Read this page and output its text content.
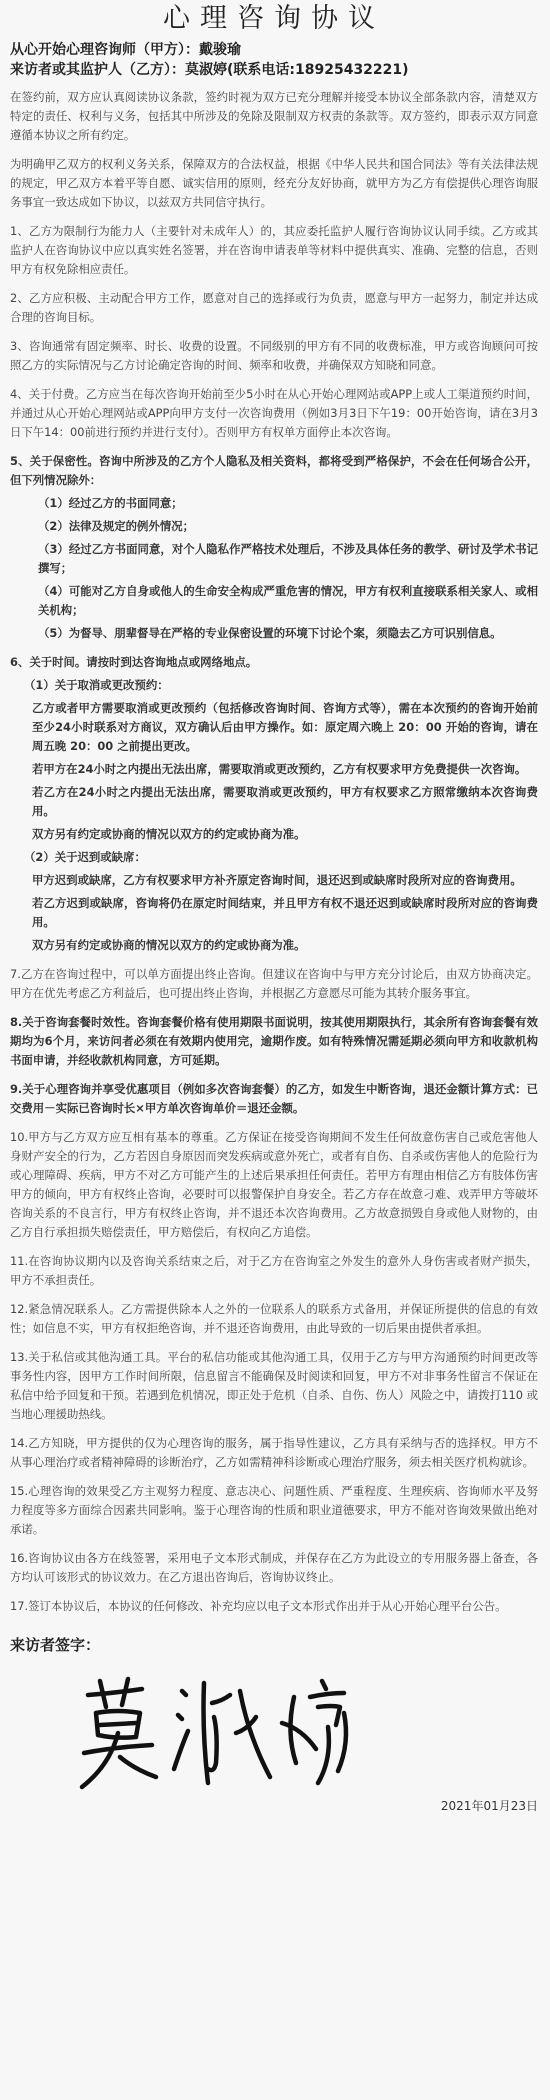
心理咨询协议
从心开始心理咨询师（甲方）：戴骏瑜
来访者或其监护人（乙方）：莫淑婷(联系电话:18925432221)

在签约前，双方应认真阅读协议条款，签约时视为双方已充分理解并接受本协议全部条款内容，清楚双方特定的责任、权利与义务，包括其中所涉及的免除及限制双方权责的条款等。双方签约，即表示双方同意遵循本协议之所有约定。

为明确甲乙双方的权利义务关系，保障双方的合法权益，根据《中华人民共和国合同法》等有关法律法规的规定，甲乙双方本着平等自愿、诚实信用的原则，经充分友好协商，就甲方为乙方有偿提供心理咨询服务事宜一致达成如下协议，以兹双方共同信守执行。

1、乙方为限制行为能力人（主要针对未成年人）的，其应委托监护人履行咨询协议认同手续。乙方或其监护人在咨询协议中应以真实姓名签署，并在咨询申请表单等材料中提供真实、准确、完整的信息，否则甲方有权免除相应责任。

2、乙方应积极、主动配合甲方工作，愿意对自己的选择或行为负责，愿意与甲方一起努力，制定并达成合理的咨询目标。

3、咨询通常有固定频率、时长、收费的设置。不同级别的甲方有不同的收费标准，甲方或咨询顾问可按照乙方的实际情况与乙方讨论确定咨询的时间、频率和收费，并确保双方知晓和同意。

4、关于付费。乙方应当在每次咨询开始前至少5小时在从心开始心理网站或APP上或人工渠道预约时间，并通过从心开始心理网站或APP向甲方支付一次咨询费用（例如3月3日下午19：00开始咨询，请在3月3日下午14：00前进行预约并进行支付）。否则甲方有权单方面停止本次咨询。

5、关于保密性。咨询中所涉及的乙方个人隐私及相关资料，都将受到严格保护，不会在任何场合公开，但下列情况除外：

（1）经过乙方的书面同意；

（2）法律及规定的例外情况；

（3）经过乙方书面同意，对个人隐私作严格技术处理后，不涉及具体任务的教学、研讨及学术书记撰写；

（4）可能对乙方自身或他人的生命安全构成严重危害的情况，甲方有权利直接联系相关家人、或相关机构；

（5）为督导、朋辈督导在严格的专业保密设置的环境下讨论个案，须隐去乙方可识别信息。

6、关于时间。请按时到达咨询地点或网络地点。

（1）关于取消或更改预约：

乙方或者甲方需要取消或更改预约（包括修改咨询时间、咨询方式等），需在本次预约的咨询开始前至少24小时联系对方商议，双方确认后由甲方操作。如：原定周六晚上 20：00 开始的咨询，请在周五晚 20：00 之前提出更改。

若甲方在24小时之内提出无法出席，需要取消或更改预约，乙方有权要求甲方免费提供一次咨询。

若乙方在24小时之内提出无法出席，需要取消或更改预约，甲方有权要求乙方照常缴纳本次咨询费用。

双方另有约定或协商的情况以双方的约定或协商为准。

（2）关于迟到或缺席：

甲方迟到或缺席，乙方有权要求甲方补齐原定咨询时间，退还迟到或缺席时段所对应的咨询费用。

若乙方迟到或缺席，咨询将仍在原定时间结束，并且甲方有权不退还迟到或缺席时段所对应的咨询费用。

双方另有约定或协商的情况以双方的约定或协商为准。

7.乙方在咨询过程中，可以单方面提出终止咨询。但建议在咨询中与甲方充分讨论后，由双方协商决定。甲方在优先考虑乙方利益后，也可提出终止咨询，并根据乙方意愿尽可能为其转介服务事宜。

8.关于咨询套餐时效性。咨询套餐价格有使用期限书面说明，按其使用期限执行，其余所有咨询套餐有效期均为6个月，来访问者必须在有效期内使用完，逾期作废。如有特殊情况需延期必须向甲方和收款机构书面申请，并经收款机构同意，方可延期。

9.关于心理咨询并享受优惠项目（例如多次咨询套餐）的乙方，如发生中断咨询，退还金额计算方式：已交费用－实际已咨询时长×甲方单次咨询单价＝退还金额。

10.甲方与乙方双方应互相有基本的尊重。乙方保证在接受咨询期间不发生任何故意伤害自己或危害他人身财产安全的行为，乙方若因自身原因而突发疾病或意外死亡，或者有自伤、自杀或伤害他人的危险行为或心理障碍、疾病，甲方不对乙方可能产生的上述后果承担任何责任。若甲方有理由相信乙方有肢体伤害甲方的倾向，甲方有权终止咨询，必要时可以报警保护自身安全。若乙方存在故意刁难、戏弄甲方等破坏咨询关系的不良言行，甲方有权终止咨询，并不退还本次咨询费用。乙方故意损毁自身或他人财物的，由乙方自行承担损失赔偿责任，甲方赔偿后，有权向乙方追偿。

11.在咨询协议期内以及咨询关系结束之后，对于乙方在咨询室之外发生的意外人身伤害或者财产损失，甲方不承担责任。

12.紧急情况联系人。乙方需提供除本人之外的一位联系人的联系方式备用，并保证所提供的信息的有效性；如信息不实，甲方有权拒绝咨询，并不退还咨询费用，由此导致的一切后果由提供者承担。

13.关于私信或其他沟通工具。平台的私信功能或其他沟通工具，仅用于乙方与甲方沟通预约时间更改等事务性内容，因甲方工作时间所限，信息留言不能确保及时阅读和回复，甲方不对非事务性留言不保证在私信中给予回复和干预。若遇到危机情况，即正处于危机（自杀、自伤、伤人）风险之中，请拨打110 或当地心理援助热线。

14.乙方知晓，甲方提供的仅为心理咨询的服务，属于指导性建议，乙方具有采纳与否的选择权。甲方不从事心理治疗或者精神障碍的诊断治疗，乙方如需精神科诊断或心理治疗服务，须去相关医疗机构就诊。

15.心理咨询的效果受乙方主观努力程度、意志决心、问题性质、严重程度、生理疾病、咨询师水平及努力程度等多方面综合因素共同影响。鉴于心理咨询的性质和职业道德要求，甲方不能对咨询效果做出绝对承诺。

16.咨询协议由各方在线签署，采用电子文本形式制成，并保存在乙方为此设立的专用服务器上备查，各方均认可该形式的协议效力。在乙方退出咨询后，咨询协议终止。

17.签订本协议后，本协议的任何修改、补充均应以电子文本形式作出并于从心开始心理平台公告。

来访者签字：
2021年01月23日
